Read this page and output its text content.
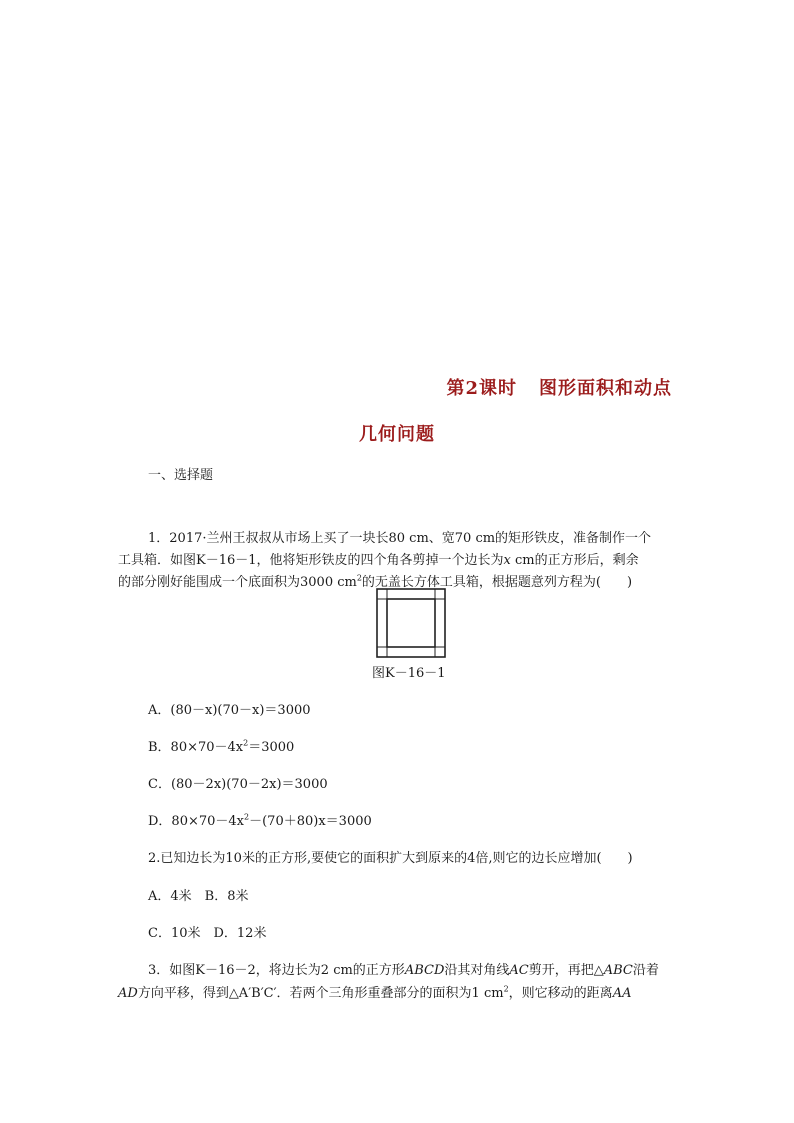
第2课时 图形面积和动点
几何问题
一、选择题
1．2017·兰州王叔叔从市场上买了一块长80 cm、宽70 cm的矩形铁皮，准备制作一个
工具箱．如图K－16－1，他将矩形铁皮的四个角各剪掉一个边长为x cm的正方形后，剩余
的部分刚好能围成一个底面积为3000 $cm^2$的无盖长方体工具箱，根据题意列方程为(　　)
图K－16－1
A．(80－x)(70－x)＝3000
B．$80\times 70-4x^2=3000$
C．(80－2x)(70－2x)＝3000
D．$80\times 70-4x^2-(70+80)x=3000$
2.已知边长为10米的正方形,要使它的面积扩大到原来的4倍,则它的边长应增加(　　)
A．4米　B．8米
C．10米　D．12米
3．如图K－16－2，将边长为2 cm的正方形ABCD沿其对角线AC剪开，再把△ABC沿着
AD方向平移，得到△A′B′C′．若两个三角形重叠部分的面积为1 $cm^2$，则它移动的距离AA
